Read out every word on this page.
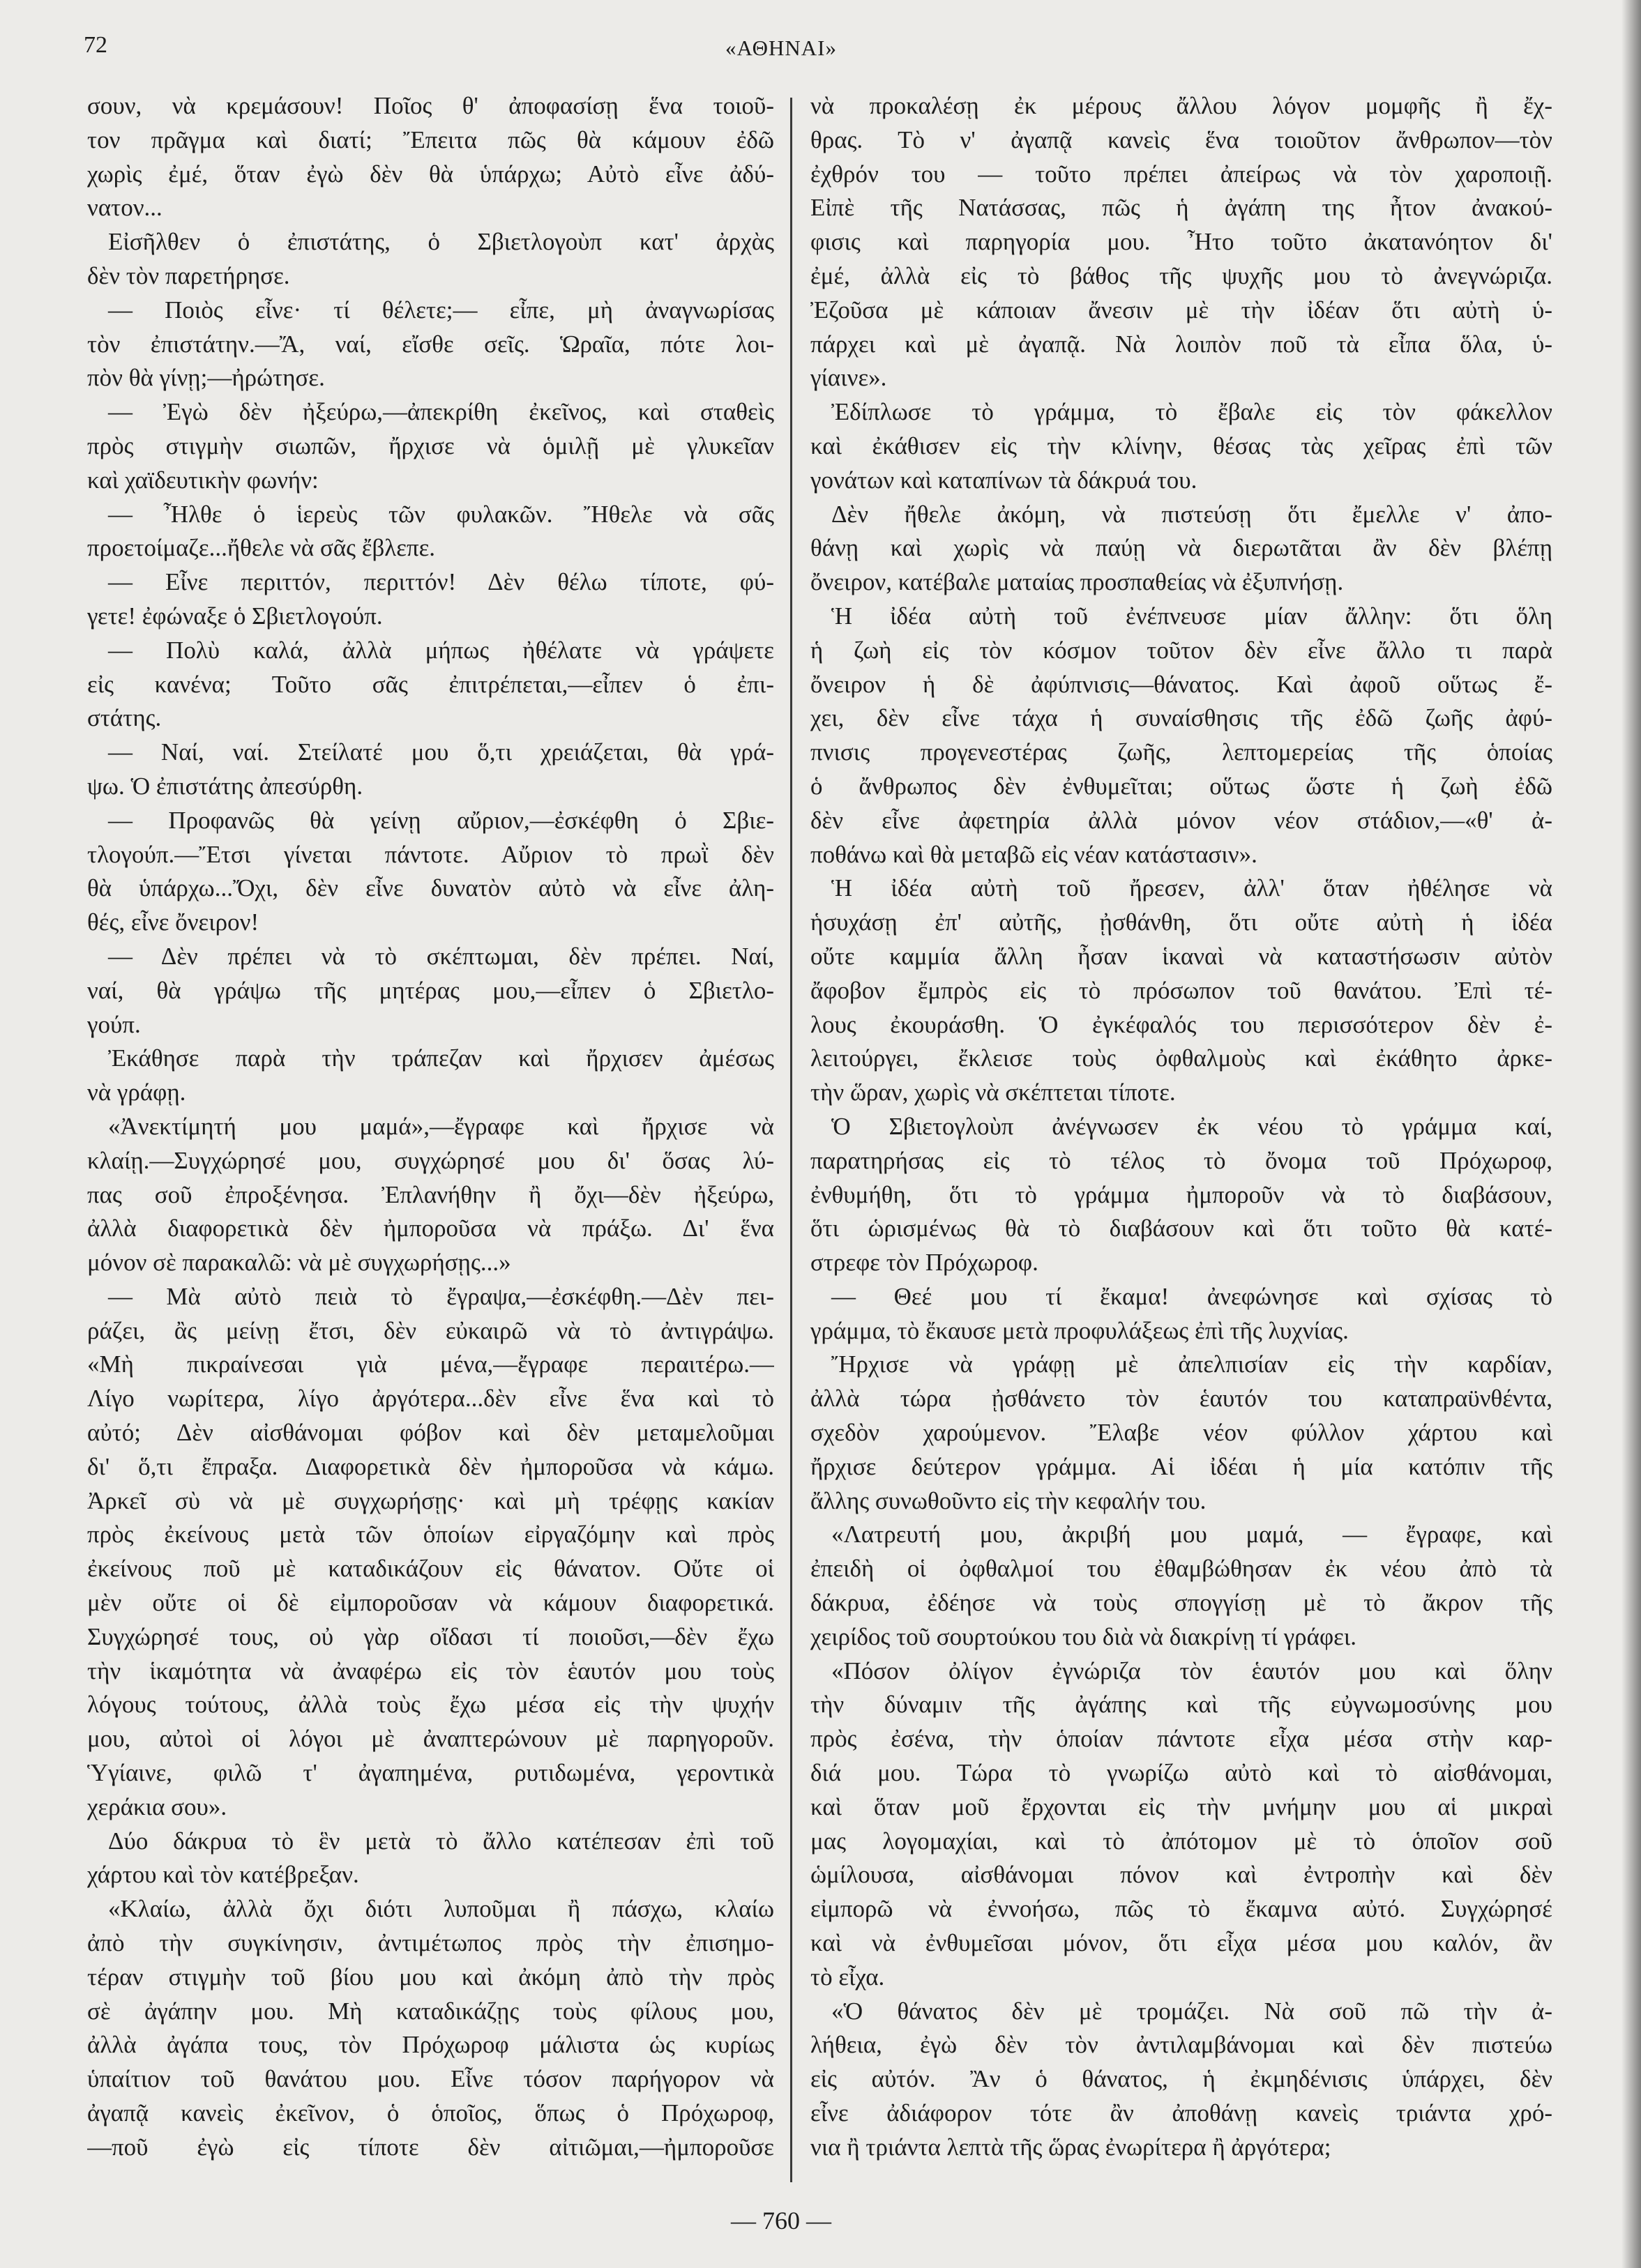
72	«ΑΘΗΝΑΙ»
σουν, νὰ κρεμάσουν! Ποῖος θ' ἀποφασίσῃ ἕνα τοιοῦ-
τον πρᾶγμα καὶ διατί; Ἔπειτα πῶς θὰ κάμουν ἐδῶ
χωρὶς ἐμέ, ὅταν ἐγὼ δὲν θὰ ὑπάρχω; Αὐτὸ εἶνε ἀδύ-
νατον...
Εἰσῆλθεν ὁ ἐπιστάτης, ὁ Σβιετλογοὺπ κατ' ἀρχὰς
δὲν τὸν παρετήρησε.
— Ποιὸς εἶνε· τί θέλετε;— εἶπε, μὴ ἀναγνωρίσας
τὸν ἐπιστάτην.—Ἄ, ναί, εἴσθε σεῖς. Ὡραῖα, πότε λοι-
πὸν θὰ γίνῃ;—ἠρώτησε.
— Ἐγὼ δὲν ἠξεύρω,—ἀπεκρίθη ἐκεῖνος, καὶ σταθεὶς
πρὸς στιγμὴν σιωπῶν, ἤρχισε νὰ ὁμιλῇ μὲ γλυκεῖαν
καὶ χαϊδευτικὴν φωνήν:
— Ἦλθε ὁ ἱερεὺς τῶν φυλακῶν. Ἤθελε νὰ σᾶς
προετοίμαζε...ἤθελε νὰ σᾶς ἔβλεπε.
— Εἶνε περιττόν, περιττόν! Δὲν θέλω τίποτε, φύ-
γετε! ἐφώναξε ὁ Σβιετλογούπ.
— Πολὺ καλά, ἀλλὰ μήπως ἠθέλατε νὰ γράψετε
εἰς κανένα; Τοῦτο σᾶς ἐπιτρέπεται,—εἶπεν ὁ ἐπι-
στάτης.
— Ναί, ναί. Στείλατέ μου ὅ,τι χρειάζεται, θὰ γρά-
ψω. Ὁ ἐπιστάτης ἀπεσύρθη.
— Προφανῶς θὰ γείνῃ αὔριον,—ἐσκέφθη ὁ Σβιε-
τλογούπ.—Ἔτσι γίνεται πάντοτε. Αὔριον τὸ πρωῒ δὲν
θὰ ὑπάρχω...Ὄχι, δὲν εἶνε δυνατὸν αὐτὸ νὰ εἶνε ἀλη-
θές, εἶνε ὄνειρον!
— Δὲν πρέπει νὰ τὸ σκέπτωμαι, δὲν πρέπει. Ναί,
ναί, θὰ γράψω τῆς μητέρας μου,—εἶπεν ὁ Σβιετλο-
γούπ.
Ἐκάθησε παρὰ τὴν τράπεζαν καὶ ἤρχισεν ἀμέσως
νὰ γράφῃ.
«Ἀνεκτίμητή μου μαμά»,—ἔγραφε καὶ ἤρχισε νὰ
κλαίῃ.—Συγχώρησέ μου, συγχώρησέ μου δι' ὅσας λύ-
πας σοῦ ἐπροξένησα. Ἐπλανήθην ἢ ὄχι—δὲν ἠξεύρω,
ἀλλὰ διαφορετικὰ δὲν ἠμποροῦσα νὰ πράξω. Δι' ἕνα
μόνον σὲ παρακαλῶ: νὰ μὲ συγχωρήσῃς...»
— Μὰ αὐτὸ πειὰ τὸ ἔγραψα,—ἐσκέφθη.—Δὲν πει-
ράζει, ἂς μείνῃ ἔτσι, δὲν εὐκαιρῶ νὰ τὸ ἀντιγράψω.
«Μὴ πικραίνεσαι γιὰ μένα,—ἔγραφε περαιτέρω.—
Λίγο νωρίτερα, λίγο ἀργότερα...δὲν εἶνε ἕνα καὶ τὸ
αὐτό; Δὲν αἰσθάνομαι φόβον καὶ δὲν μεταμελοῦμαι
δι' ὅ,τι ἔπραξα. Διαφορετικὰ δὲν ἠμποροῦσα νὰ κάμω.
Ἀρκεῖ σὺ νὰ μὲ συγχωρήσῃς· καὶ μὴ τρέφῃς κακίαν
πρὸς ἐκείνους μετὰ τῶν ὁποίων εἰργαζόμην καὶ πρὸς
ἐκείνους ποῦ μὲ καταδικάζουν εἰς θάνατον. Οὔτε οἱ
μὲν οὔτε οἱ δὲ εἰμποροῦσαν νὰ κάμουν διαφορετικά.
Συγχώρησέ τους, οὐ γὰρ οἴδασι τί ποιοῦσι,—δὲν ἔχω
τὴν ἱκαμότητα νὰ ἀναφέρω εἰς τὸν ἑαυτόν μου τοὺς
λόγους τούτους, ἀλλὰ τοὺς ἔχω μέσα εἰς τὴν ψυχήν
μου, αὐτοὶ οἱ λόγοι μὲ ἀναπτερώνουν μὲ παρηγοροῦν.
Ὑγίαινε, φιλῶ τ' ἀγαπημένα, ρυτιδωμένα, γεροντικὰ
χεράκια σου».
Δύο δάκρυα τὸ ἓν μετὰ τὸ ἄλλο κατέπεσαν ἐπὶ τοῦ
χάρτου καὶ τὸν κατέβρεξαν.
«Κλαίω, ἀλλὰ ὄχι διότι λυποῦμαι ἢ πάσχω, κλαίω
ἀπὸ τὴν συγκίνησιν, ἀντιμέτωπος πρὸς τὴν ἐπισημο-
τέραν στιγμὴν τοῦ βίου μου καὶ ἀκόμη ἀπὸ τὴν πρὸς
σὲ ἀγάπην μου. Μὴ καταδικάζῃς τοὺς φίλους μου,
ἀλλὰ ἀγάπα τους, τὸν Πρόχωροφ μάλιστα ὡς κυρίως
ὑπαίτιον τοῦ θανάτου μου. Εἶνε τόσον παρήγορον νὰ
ἀγαπᾷ κανεὶς ἐκεῖνον, ὁ ὁποῖος, ὅπως ὁ Πρόχωροφ,
—ποῦ ἐγὼ εἰς τίποτε δὲν αἰτιῶμαι,—ἠμποροῦσε
νὰ προκαλέσῃ ἐκ μέρους ἄλλου λόγον μομφῆς ἢ ἔχ-
θρας. Τὸ ν' ἀγαπᾷ κανεὶς ἕνα τοιοῦτον ἄνθρωπον—τὸν
ἐχθρόν του — τοῦτο πρέπει ἀπείρως νὰ τὸν χαροποιῇ.
Εἰπὲ τῆς Νατάσσας, πῶς ἡ ἀγάπη της ἦτον ἀνακού-
φισις καὶ παρηγορία μου. Ἦτο τοῦτο ἀκατανόητον δι'
ἐμέ, ἀλλὰ εἰς τὸ βάθος τῆς ψυχῆς μου τὸ ἀνεγνώριζα.
Ἐζοῦσα μὲ κάποιαν ἄνεσιν μὲ τὴν ἰδέαν ὅτι αὐτὴ ὑ-
πάρχει καὶ μὲ ἀγαπᾷ. Νὰ λοιπὸν ποῦ τὰ εἶπα ὅλα, ὑ-
γίαινε».
Ἐδίπλωσε τὸ γράμμα, τὸ ἔβαλε εἰς τὸν φάκελλον
καὶ ἐκάθισεν εἰς τὴν κλίνην, θέσας τὰς χεῖρας ἐπὶ τῶν
γονάτων καὶ καταπίνων τὰ δάκρυά του.
Δὲν ἤθελε ἀκόμη, νὰ πιστεύσῃ ὅτι ἔμελλε ν' ἀπο-
θάνῃ καὶ χωρὶς νὰ παύῃ νὰ διερωτᾶται ἂν δὲν βλέπῃ
ὄνειρον, κατέβαλε ματαίας προσπαθείας νὰ ἐξυπνήσῃ.
Ἡ ἰδέα αὐτὴ τοῦ ἐνέπνευσε μίαν ἄλλην: ὅτι ὅλη
ἡ ζωὴ εἰς τὸν κόσμον τοῦτον δὲν εἶνε ἄλλο τι παρὰ
ὄνειρον ἡ δὲ ἀφύπνισις—θάνατος. Καὶ ἀφοῦ οὕτως ἔ-
χει, δὲν εἶνε τάχα ἡ συναίσθησις τῆς ἐδῶ ζωῆς ἀφύ-
πνισις προγενεστέρας ζωῆς, λεπτομερείας τῆς ὁποίας
ὁ ἄνθρωπος δὲν ἐνθυμεῖται; οὕτως ὥστε ἡ ζωὴ ἐδῶ
δὲν εἶνε ἀφετηρία ἀλλὰ μόνον νέον στάδιον,—«θ' ἀ-
ποθάνω καὶ θὰ μεταβῶ εἰς νέαν κατάστασιν».
Ἡ ἰδέα αὐτὴ τοῦ ἤρεσεν, ἀλλ' ὅταν ἠθέλησε νὰ
ἡσυχάσῃ ἐπ' αὐτῆς, ᾐσθάνθη, ὅτι οὔτε αὐτὴ ἡ ἰδέα
οὔτε καμμία ἄλλη ἦσαν ἱκαναὶ νὰ καταστήσωσιν αὐτὸν
ἄφοβον ἔμπρὸς εἰς τὸ πρόσωπον τοῦ θανάτου. Ἐπὶ τέ-
λους ἐκουράσθη. Ὁ ἐγκέφαλός του περισσότερον δὲν ἐ-
λειτούργει, ἔκλεισε τοὺς ὀφθαλμοὺς καὶ ἐκάθητο ἀρκε-
τὴν ὥραν, χωρὶς νὰ σκέπτεται τίποτε.
Ὁ Σβιετογλοὺπ ἀνέγνωσεν ἐκ νέου τὸ γράμμα καί,
παρατηρήσας εἰς τὸ τέλος τὸ ὄνομα τοῦ Πρόχωροφ,
ἐνθυμήθη, ὅτι τὸ γράμμα ἠμποροῦν νὰ τὸ διαβάσουν,
ὅτι ὡρισμένως θὰ τὸ διαβάσουν καὶ ὅτι τοῦτο θὰ κατέ-
στρεφε τὸν Πρόχωροφ.
— Θεέ μου τί ἔκαμα! ἀνεφώνησε καὶ σχίσας τὸ
γράμμα, τὸ ἔκαυσε μετὰ προφυλάξεως ἐπὶ τῆς λυχνίας.
Ἤρχισε νὰ γράφῃ μὲ ἀπελπισίαν εἰς τὴν καρδίαν,
ἀλλὰ τώρα ᾐσθάνετο τὸν ἑαυτόν του καταπραϋνθέντα,
σχεδὸν χαρούμενον. Ἔλαβε νέον φύλλον χάρτου καὶ
ἤρχισε δεύτερον γράμμα. Αἱ ἰδέαι ἡ μία κατόπιν τῆς
ἄλλης συνωθοῦντο εἰς τὴν κεφαλήν του.
«Λατρευτή μου, ἀκριβή μου μαμά, — ἔγραφε, καὶ
ἐπειδὴ οἱ ὀφθαλμοί του ἐθαμβώθησαν ἐκ νέου ἀπὸ τὰ
δάκρυα, ἐδέησε νὰ τοὺς σπογγίσῃ μὲ τὸ ἄκρον τῆς
χειρίδος τοῦ σουρτούκου του διὰ νὰ διακρίνῃ τί γράφει.
«Πόσον ὀλίγον ἐγνώριζα τὸν ἑαυτόν μου καὶ ὅλην
τὴν δύναμιν τῆς ἀγάπης καὶ τῆς εὐγνωμοσύνης μου
πρὸς ἐσένα, τὴν ὁποίαν πάντοτε εἶχα μέσα στὴν καρ-
διά μου. Τώρα τὸ γνωρίζω αὐτὸ καὶ τὸ αἰσθάνομαι,
καὶ ὅταν μοῦ ἔρχονται εἰς τὴν μνήμην μου αἱ μικραὶ
μας λογομαχίαι, καὶ τὸ ἀπότομον μὲ τὸ ὁποῖον σοῦ
ὡμίλουσα, αἰσθάνομαι πόνον καὶ ἐντροπὴν καὶ δὲν
εἰμπορῶ νὰ ἐννοήσω, πῶς τὸ ἔκαμνα αὐτό. Συγχώρησέ
καὶ νὰ ἐνθυμεῖσαι μόνον, ὅτι εἶχα μέσα μου καλόν, ἂν
τὸ εἶχα.
«Ὁ θάνατος δὲν μὲ τρομάζει. Νὰ σοῦ πῶ τὴν ἀ-
λήθεια, ἐγὼ δὲν τὸν ἀντιλαμβάνομαι καὶ δὲν πιστεύω
εἰς αὐτόν. Ἂν ὁ θάνατος, ἡ ἐκμηδένισις ὑπάρχει, δὲν
εἶνε ἀδιάφορον τότε ἂν ἀποθάνῃ κανεὶς τριάντα χρό-
νια ἢ τριάντα λεπτὰ τῆς ὥρας ἐνωρίτερα ἢ ἀργότερα;
— 760 —
